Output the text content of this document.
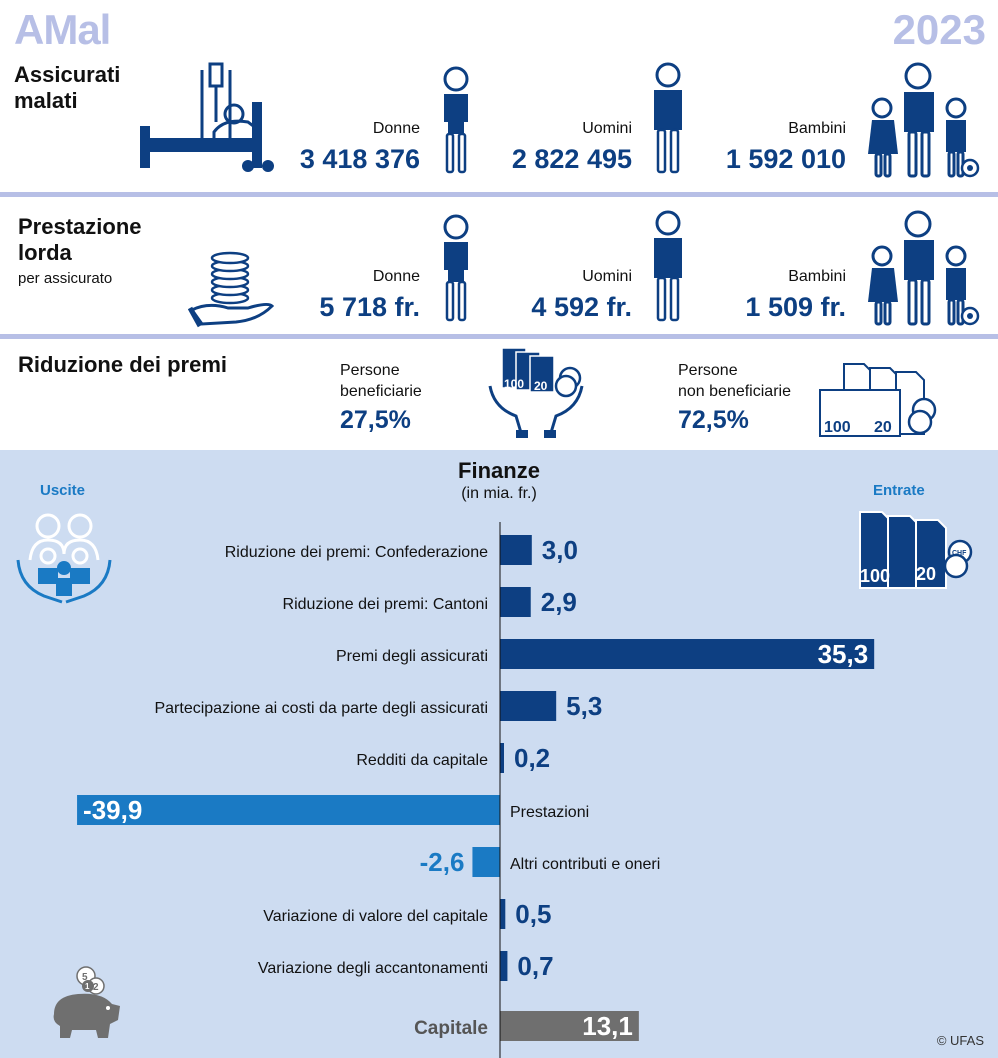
AMal	2023
Assicurati
malati
Donne
3 418 376
Uomini
2 822 495
Bambini
1 592 010
Prestazione
lorda
per assicurato	Donne
5 718 fr.
Uomini
4 592 fr.
Bambini
1 509 fr.
Riduzione dei premi	Persone
beneficiarie
27,5%
100 20
Persone
non beneficiarie
72,5%	100 20
Finanze
(in mia. fr.)
Uscite	Entrate
100 20
CHF
5
2
1
3,0
Riduzione dei premi: Confederazione
2,9
Riduzione dei premi: Cantoni
35,3
Premi degli assicurati
5,3
Partecipazione ai costi da parte degli assicurati
0,2
Redditi da capitale
-39,9	Prestazioni
-2,6	Altri contributi e oneri
0,5
Variazione di valore del capitale
0,7
Variazione degli accantonamenti
13,1
Capitale
© UFAS
